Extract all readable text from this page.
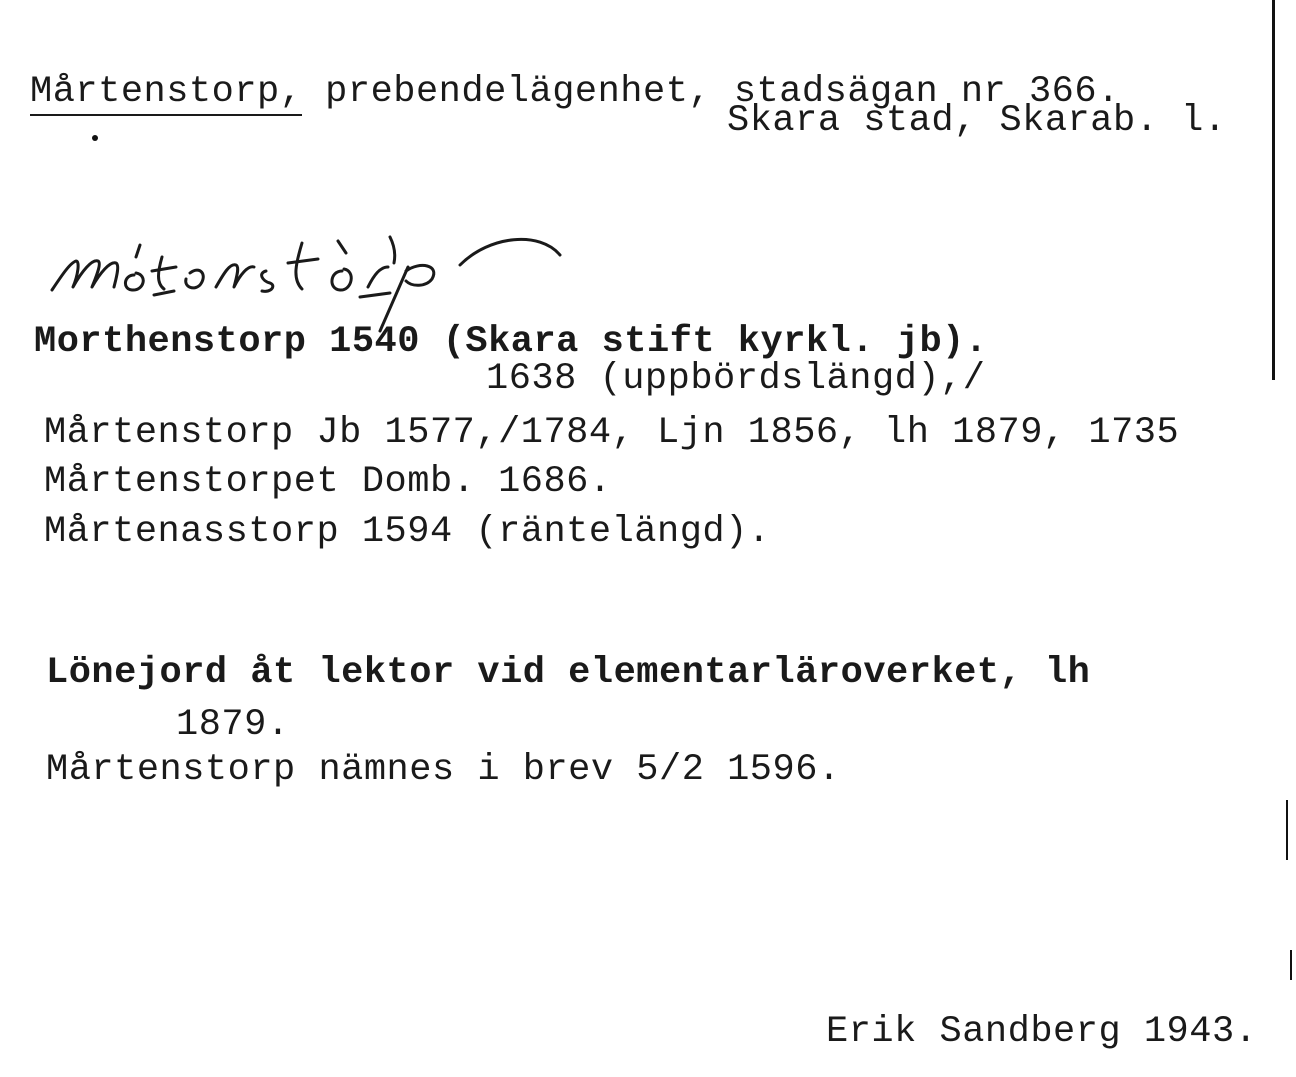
Mårtenstorp, prebendelägenhet, stadsägan nr 366.
Skara stad, Skarab. l.
Morthenstorp 1540 (Skara stift kyrkl. jb).
1638 (uppbördslängd),/
Mårtenstorp Jb 1577,/1784, Ljn 1856, lh 1879, 1735
Mårtenstorpet Domb. 1686.
Mårtenasstorp 1594 (räntelängd).
Lönejord åt lektor vid elementarläroverket, lh
1879.
Mårtenstorp nämnes i brev 5/2 1596.
Erik Sandberg 1943.
